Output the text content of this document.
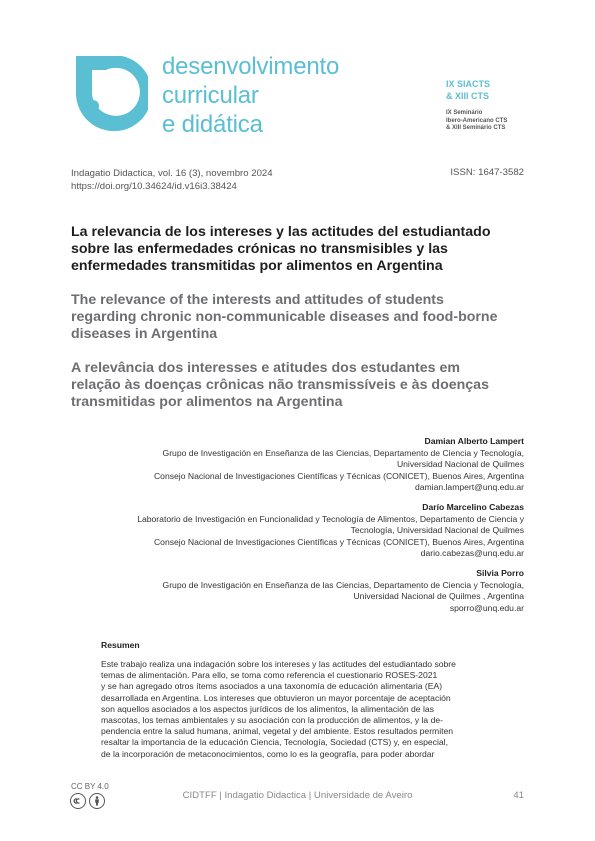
desenvolvimento
curricular
e didática
IX SIACTS
& XIII CTS
IX Seminário
Ibero-Americano CTS
& XIII Seminário CTS
Indagatio Didactica, vol. 16 (3), novembro 2024
https://doi.org/10.34624/id.v16i3.38424
ISSN: 1647-3582
La relevancia de los intereses y las actitudes del estudiantado
sobre las enfermedades crónicas no transmisibles y las
enfermedades transmitidas por alimentos en Argentina
The relevance of the interests and attitudes of students
regarding chronic non-communicable diseases and food-borne
diseases in Argentina
A relevância dos interesses e atitudes dos estudantes em
relação às doenças crônicas não transmissíveis e às doenças
transmitidas por alimentos na Argentina
Damian Alberto Lampert
Grupo de Investigación en Enseñanza de las Ciencias, Departamento de Ciencia y Tecnología,
Universidad Nacional de Quilmes
Consejo Nacional de Investigaciones Científicas y Técnicas (CONICET), Buenos Aires, Argentina
damian.lampert@unq.edu.ar
Darío Marcelino Cabezas
Laboratorio de Investigación en Funcionalidad y Tecnología de Alimentos, Departamento de Ciencia y
Tecnología, Universidad Nacional de Quilmes
Consejo Nacional de Investigaciones Científicas y Técnicas (CONICET), Buenos Aires, Argentina
dario.cabezas@unq.edu.ar
Silvia Porro
Grupo de Investigación en Enseñanza de las Ciencias, Departamento de Ciencia y Tecnología,
Universidad Nacional de Quilmes , Argentina
sporro@unq.edu.ar
Resumen
Este trabajo realiza una indagación sobre los intereses y las actitudes del estudiantado sobre
temas de alimentación. Para ello, se toma como referencia el cuestionario ROSES-2021
y se han agregado otros ítems asociados a una taxonomía de educación alimentaria (EA)
desarrollada en Argentina. Los intereses que obtuvieron un mayor porcentaje de aceptación
son aquellos asociados a los aspectos jurídicos de los alimentos, la alimentación de las
mascotas, los temas ambientales y su asociación con la producción de alimentos, y la de-
pendencia entre la salud humana, animal, vegetal y del ambiente. Estos resultados permiten
resaltar la importancia de la educación Ciencia, Tecnología, Sociedad (CTS) y, en especial,
de la incorporación de metaconocimientos, como lo es la geografía, para poder abordar
CC BY 4.0
CIDTFF | Indagatio Didactica | Universidade de Aveiro	41
